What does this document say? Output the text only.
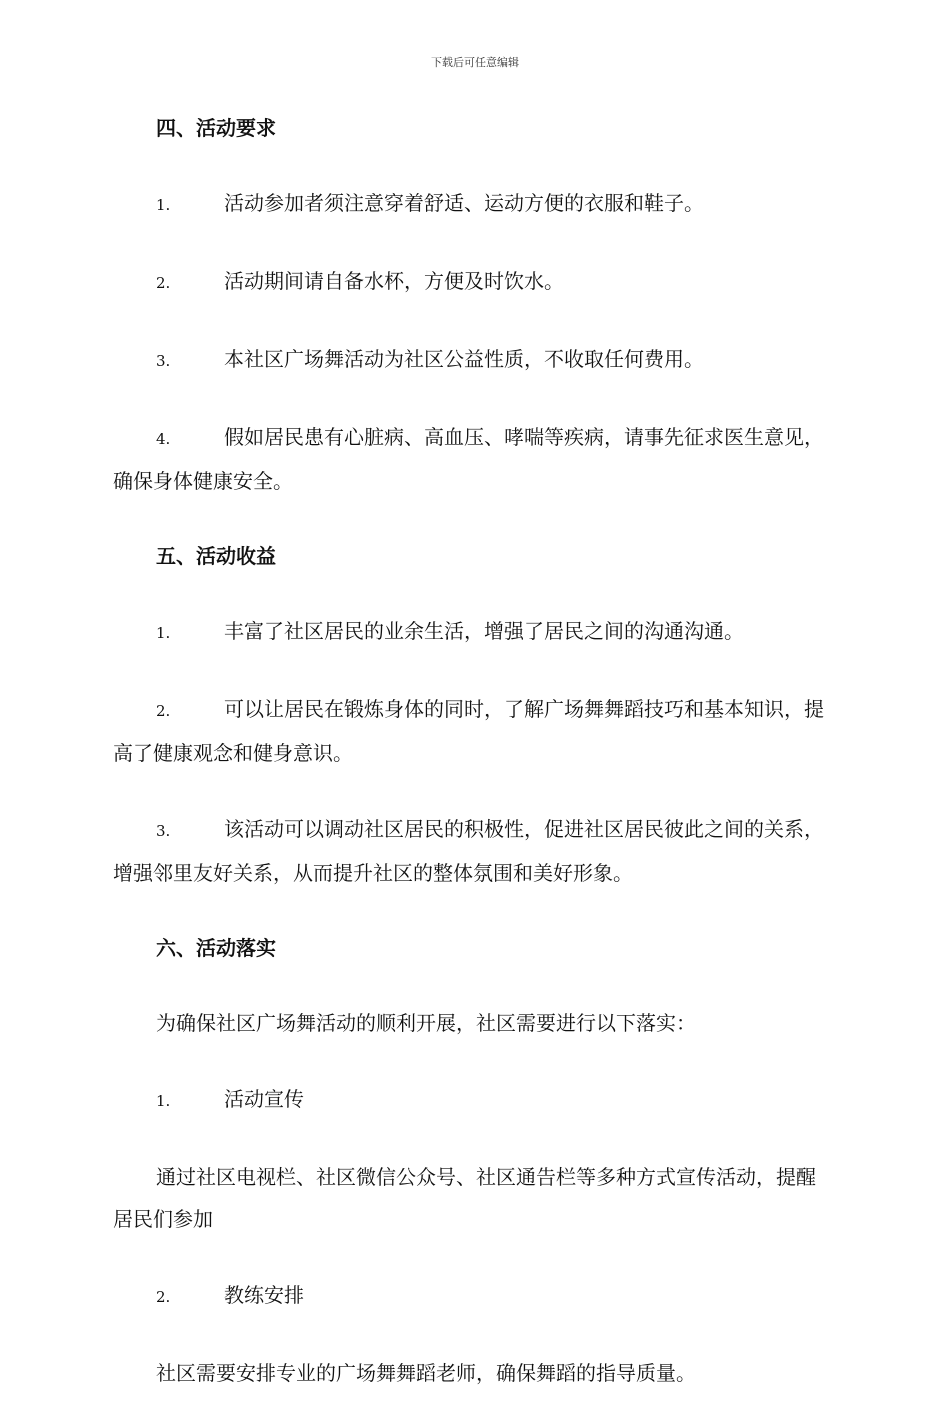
下载后可任意编辑
四、活动要求
1.	活动参加者须注意穿着舒适、运动方便的衣服和鞋子。
2.	活动期间请自备水杯，方便及时饮水。
3.	本社区广场舞活动为社区公益性质，不收取任何费用。
4.	假如居民患有心脏病、高血压、哮喘等疾病，请事先征求医生意见，确保身体健康安全。
五、活动收益
1.	丰富了社区居民的业余生活，增强了居民之间的沟通沟通。
2.	可以让居民在锻炼身体的同时，了解广场舞舞蹈技巧和基本知识，提高了健康观念和健身意识。
3.	该活动可以调动社区居民的积极性，促进社区居民彼此之间的关系，增强邻里友好关系，从而提升社区的整体氛围和美好形象。
六、活动落实
为确保社区广场舞活动的顺利开展，社区需要进行以下落实：
1.	活动宣传
通过社区电视栏、社区微信公众号、社区通告栏等多种方式宣传活动，提醒居民们参加
2.	教练安排
社区需要安排专业的广场舞舞蹈老师，确保舞蹈的指导质量。
